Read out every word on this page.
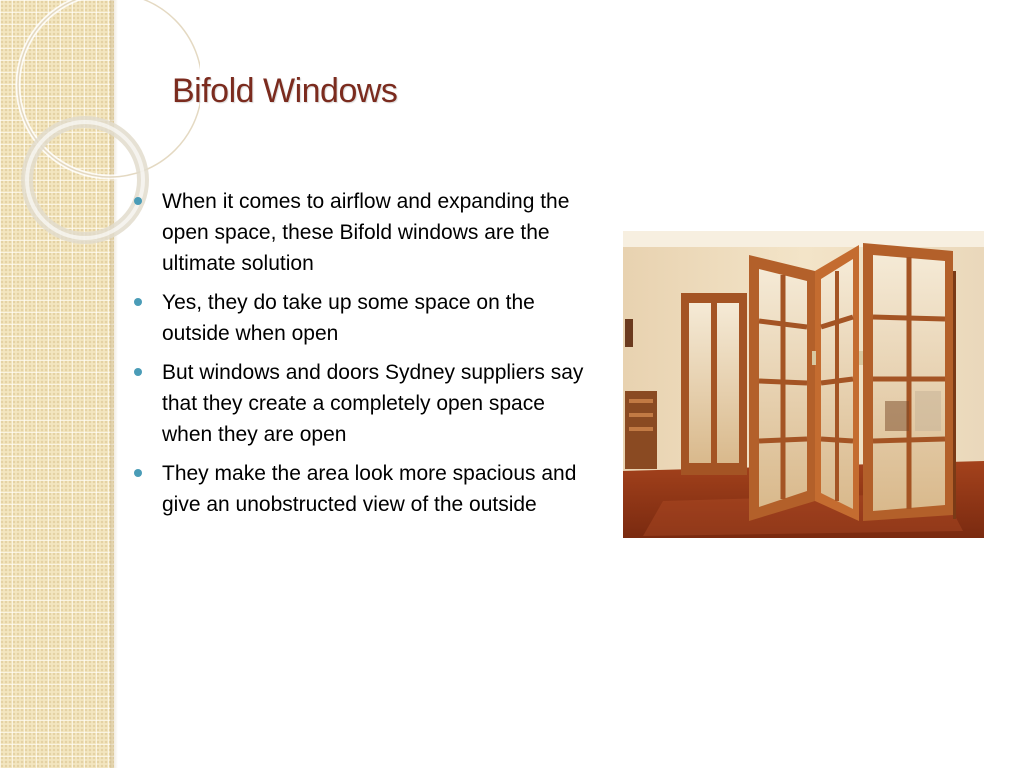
Bifold Windows
When it comes to airflow and expanding the open space, these Bifold windows are the ultimate solution
Yes, they do take up some space on the outside when open
But windows and doors Sydney suppliers say that they create a completely open space when they are open
They make the area look more spacious and give an unobstructed view of the outside
